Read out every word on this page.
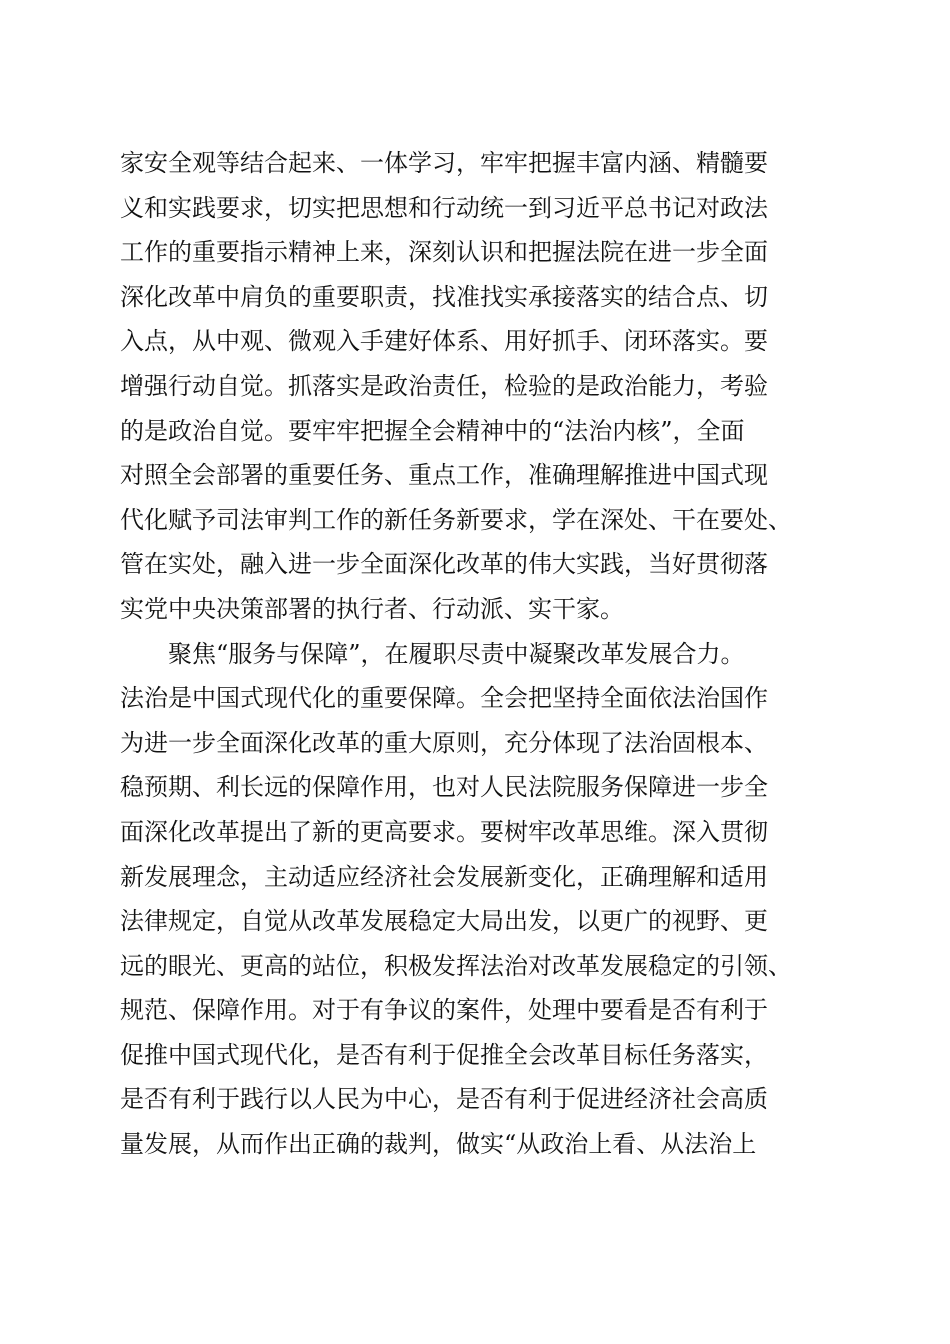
家安全观等结合起来、一体学习，牢牢把握丰富内涵、精髓要
义和实践要求，切实把思想和行动统一到习近平总书记对政法
工作的重要指示精神上来，深刻认识和把握法院在进一步全面
深化改革中肩负的重要职责，找准找实承接落实的结合点、切
入点，从中观、微观入手建好体系、用好抓手、闭环落实。要
增强行动自觉。抓落实是政治责任，检验的是政治能力，考验
的是政治自觉。要牢牢把握全会精神中的“法治内核”，全面
对照全会部署的重要任务、重点工作，准确理解推进中国式现
代化赋予司法审判工作的新任务新要求，学在深处、干在要处、
管在实处，融入进一步全面深化改革的伟大实践，当好贯彻落
实党中央决策部署的执行者、行动派、实干家。
聚焦“服务与保障”，在履职尽责中凝聚改革发展合力。
法治是中国式现代化的重要保障。全会把坚持全面依法治国作
为进一步全面深化改革的重大原则，充分体现了法治固根本、
稳预期、利长远的保障作用，也对人民法院服务保障进一步全
面深化改革提出了新的更高要求。要树牢改革思维。深入贯彻
新发展理念，主动适应经济社会发展新变化，正确理解和适用
法律规定，自觉从改革发展稳定大局出发，以更广的视野、更
远的眼光、更高的站位，积极发挥法治对改革发展稳定的引领、
规范、保障作用。对于有争议的案件，处理中要看是否有利于
促推中国式现代化，是否有利于促推全会改革目标任务落实，
是否有利于践行以人民为中心，是否有利于促进经济社会高质
量发展，从而作出正确的裁判，做实“从政治上看、从法治上
